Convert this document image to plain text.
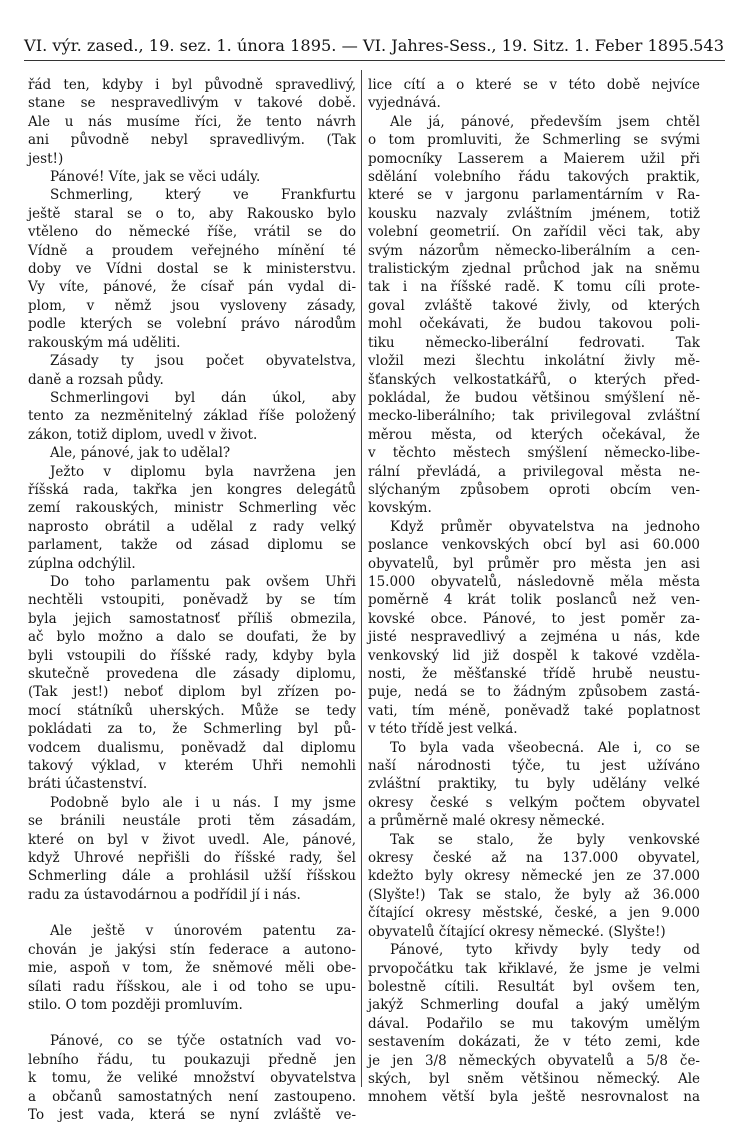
VI. výr. zased., 19. sez. 1. února 1895. — VI. Jahres-Sess., 19. Sitz. 1. Feber 1895. 543
řád ten, kdyby i byl původně spravedlivý,
stane se nespravedlivým v takové době.
Ale u nás musíme říci, že tento návrh
ani původně nebyl spravedlivým. (Tak
jest!)
Pánové! Víte, jak se věci udály.
Schmerling, který ve Frankfurtu
ještě staral se o to, aby Rakousko bylo
vtěleno do německé říše, vrátil se do
Vídně a proudem veřejného mínění té
doby ve Vídni dostal se k ministerstvu.
Vy víte, pánové, že císař pán vydal di-
plom, v němž jsou vysloveny zásady,
podle kterých se volební právo národům
rakouským má uděliti.
Zásady ty jsou počet obyvatelstva,
daně a rozsah půdy.
Schmerlingovi byl dán úkol, aby
tento za nezměnitelný základ říše položený
zákon, totiž diplom, uvedl v život.
Ale, pánové, jak to udělal?
Ježto v diplomu byla navržena jen
říšská rada, takřka jen kongres delegátů
zemí rakouských, ministr Schmerling věc
naprosto obrátil a udělal z rady velký
parlament, takže od zásad diplomu se
zúplna odchýlil.
Do toho parlamentu pak ovšem Uhři
nechtěli vstoupiti, poněvadž by se tím
byla jejich samostatnosť příliš obmezila,
ač bylo možno a dalo se doufati, že by
byli vstoupili do říšské rady, kdyby byla
skutečně provedena dle zásady diplomu,
(Tak jest!) neboť diplom byl zřízen po-
mocí státníků uherských. Může se tedy
pokládati za to, že Schmerling byl pů-
vodcem dualismu, poněvadž dal diplomu
takový výklad, v kterém Uhři nemohli
bráti účastenství.
Podobně bylo ale i u nás. I my jsme
se bránili neustále proti těm zásadám,
které on byl v život uvedl. Ale, pánové,
když Uhrové nepřišli do říšské rady, šel
Schmerling dále a prohlásil užší říšskou
radu za ústavodárnou a podřídil jí i nás.
Ale ještě v únorovém patentu za-
chován je jakýsi stín federace a autono-
mie, aspoň v tom, že sněmové měli obe-
sílati radu říšskou, ale i od toho se upu-
stilo. O tom později promluvím.
Pánové, co se týče ostatních vad vo-
lebního řádu, tu poukazuji předně jen
k tomu, že veliké množství obyvatelstva
a občanů samostatných není zastoupeno.
To jest vada, která se nyní zvláště ve-
lice cítí a o které se v této době nejvíce
vyjednává.
Ale já, pánové, především jsem chtěl
o tom promluviti, že Schmerling se svými
pomocníky Lasserem a Maierem užil při
sdělání volebního řádu takových praktik,
které se v jargonu parlamentárním v Ra-
kousku nazvaly zvláštním jménem, totiž
volební geometrií. On zařídil věci tak, aby
svým názorům německo-liberálním a cen-
tralistickým zjednal průchod jak na sněmu
tak i na říšské radě. K tomu cíli prote-
goval zvláště takové živly, od kterých
mohl očekávati, že budou takovou poli-
tiku německo-liberální fedrovati. Tak
vložil mezi šlechtu inkolátní živly mě-
šťanských velkostatkářů, o kterých před-
pokládal, že budou většinou smýšlení ně-
mecko-liberálního; tak privilegoval zvláštní
měrou města, od kterých očekával, že
v těchto městech smýšlení německo-libe-
rální převládá, a privilegoval města ne-
slýchaným způsobem oproti obcím ven-
kovským.
Když průměr obyvatelstva na jednoho
poslance venkovských obcí byl asi 60.000
obyvatelů, byl průměr pro města jen asi
15.000 obyvatelů, následovně měla města
poměrně 4 krát tolik poslanců než ven-
kovské obce. Pánové, to jest poměr za-
jisté nespravedlivý a zejména u nás, kde
venkovský lid již dospěl k takové vzděla-
nosti, že měšťanské třídě hrubě neustu-
puje, nedá se to žádným způsobem zastá-
vati, tím méně, poněvadž také poplatnost
v této třídě jest velká.
To byla vada všeobecná. Ale i, co se
naší národnosti týče, tu jest užíváno
zvláštní praktiky, tu byly udělány velké
okresy české s velkým počtem obyvatel
a průměrně malé okresy německé.
Tak se stalo, že byly venkovské
okresy české až na 137.000 obyvatel,
kdežto byly okresy německé jen ze 37.000
(Slyšte!) Tak se stalo, že byly až 36.000
čítající okresy městské, české, a jen 9.000
obyvatelů čítající okresy německé. (Slyšte!)
Pánové, tyto křivdy byly tedy od
prvopočátku tak křiklavé, že jsme je velmi
bolestně cítili. Resultát byl ovšem ten,
jakýž Schmerling doufal a jaký umělým
dával. Podařilo se mu takovým umělým
sestavením dokázati, že v této zemi, kde
je jen 3/8 německých obyvatelů a 5/8 če-
ských, byl sněm většinou německý. Ale
mnohem větší byla ještě nesrovnalost na
